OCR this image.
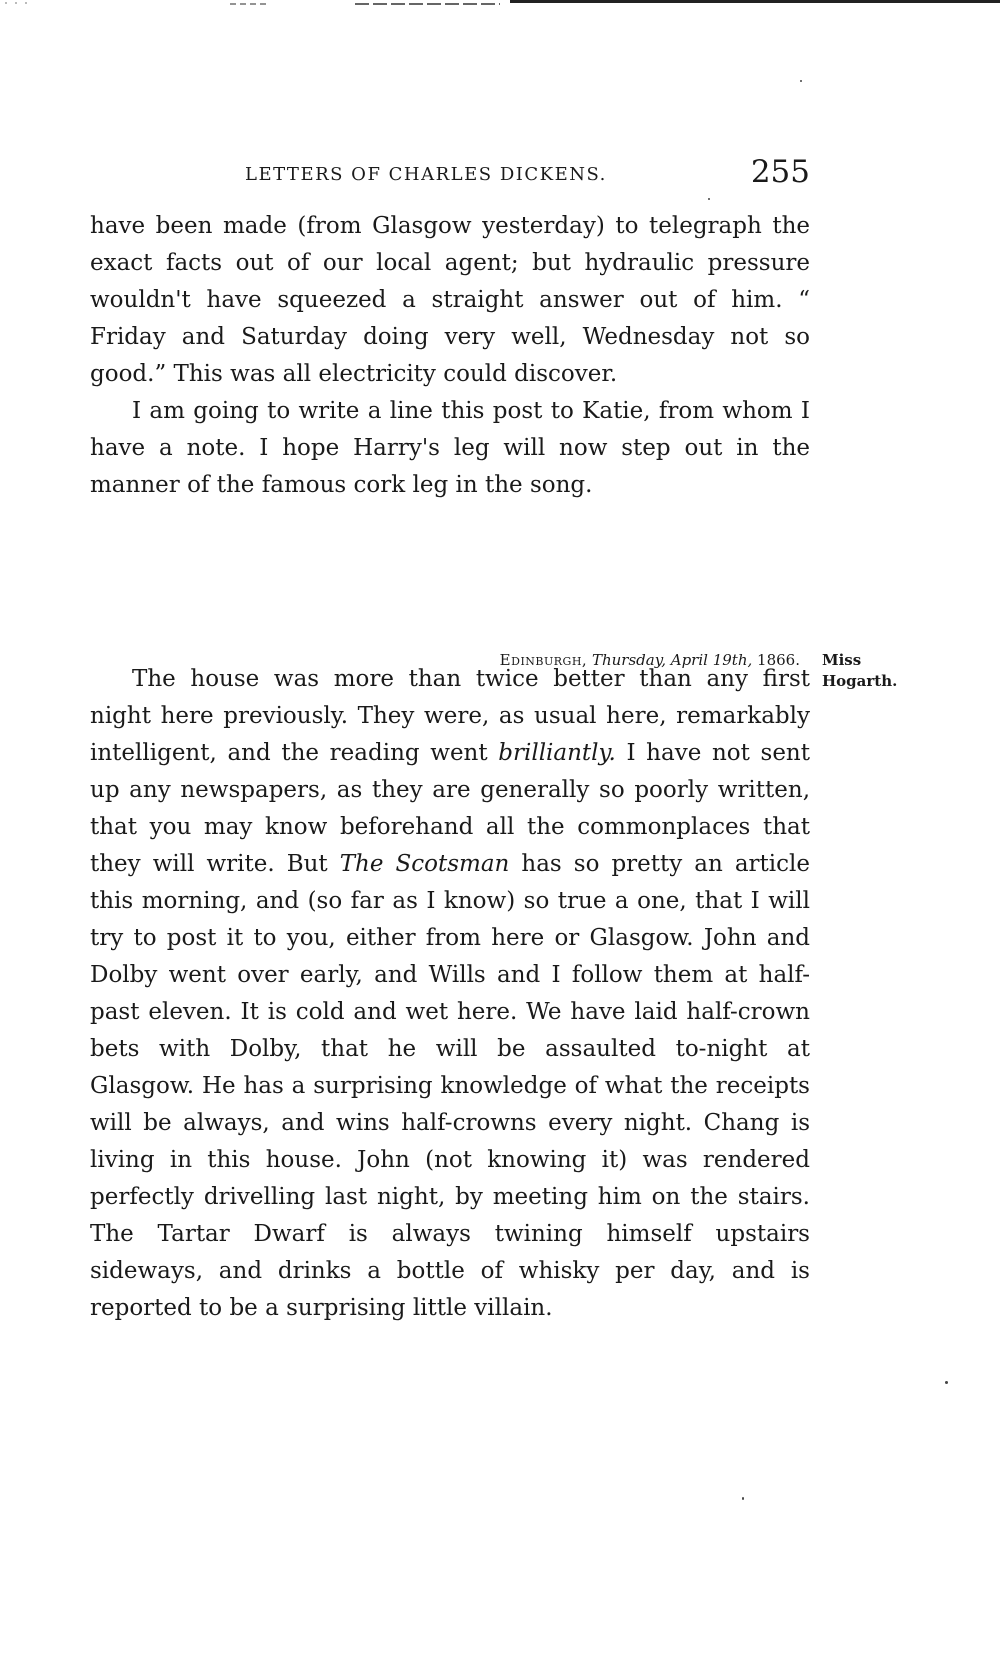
LETTERS OF CHARLES DICKENS.	255

have been made (from Glasgow yesterday) to telegraph the exact facts out of our local agent; but hydraulic pressure wouldn't have squeezed a straight answer out of him. “ Friday and Saturday doing very well, Wednesday not so good.” This was all electricity could discover.

I am going to write a line this post to Katie, from whom I have a note. I hope Harry's leg will now step out in the manner of the famous cork leg in the song.

Edinburgh, Thursday, April 19th, 1866. Miss
Hogarth.

The house was more than twice better than any first night here previously. They were, as usual here, remarkably intelligent, and the reading went brilliantly. I have not sent up any newspapers, as they are generally so poorly written, that you may know beforehand all the commonplaces that they will write. But The Scotsman has so pretty an article this morning, and (so far as I know) so true a one, that I will try to post it to you, either from here or Glasgow. John and Dolby went over early, and Wills and I follow them at half-past eleven. It is cold and wet here. We have laid half-crown bets with Dolby, that he will be assaulted to-night at Glasgow. He has a surprising knowledge of what the receipts will be always, and wins half-crowns every night. Chang is living in this house. John (not knowing it) was rendered perfectly drivelling last night, by meeting him on the stairs. The Tartar Dwarf is always twining himself upstairs sideways, and drinks a bottle of whisky per day, and is reported to be a surprising little villain.
